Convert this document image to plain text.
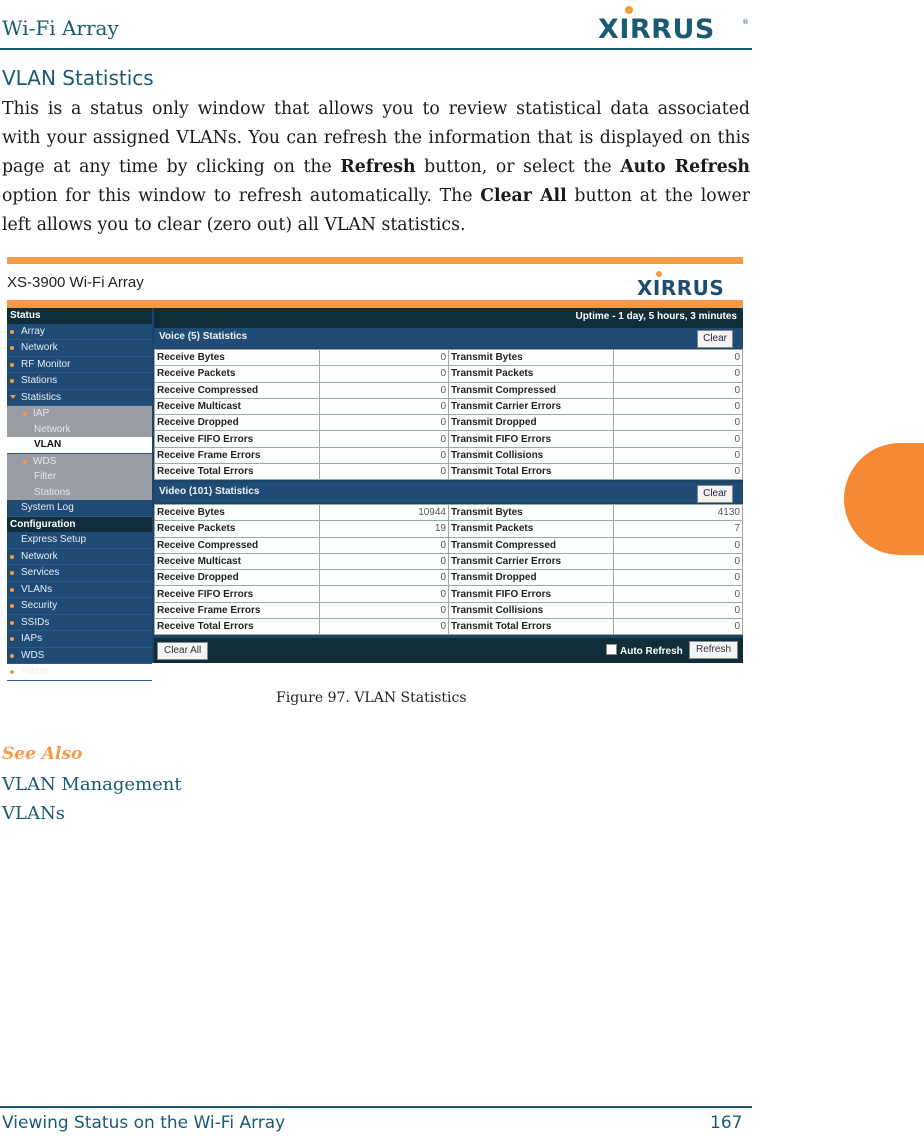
Wi-Fi Array	XIRRUS	®
VLAN Statistics
This is a status only window that allows you to review statistical data associated with your assigned VLANs. You can refresh the information that is displayed on this page at any time by clicking on the Refresh button, or select the Auto Refresh option for this window to refresh automatically. The Clear All button at the lower left allows you to clear (zero out) all VLAN statistics.
XS-3900 Wi-Fi Array	XIRRUS
Status
Array
Network
RF Monitor
Stations
Statistics
IAP
Network
VLAN
WDS
Filter
Stations
System Log
Configuration
Express Setup
Network
Services
VLANs
Security
SSIDs
IAPs
WDS
Filters
Uptime - 1 day, 5 hours, 3 minutes
Clear All	Auto Refresh	Refresh
Voice (5) Statistics	Clear
Receive Bytes	0	Transmit Bytes	0
Receive Packets	0	Transmit Packets	0
Receive Compressed	0	Transmit Compressed	0
Receive Multicast	0	Transmit Carrier Errors	0
Receive Dropped	0	Transmit Dropped	0
Receive FIFO Errors	0	Transmit FIFO Errors	0
Receive Frame Errors	0	Transmit Collisions	0
Receive Total Errors	0	Transmit Total Errors	0
Video (101) Statistics	Clear
Receive Bytes	10944	Transmit Bytes	4130
Receive Packets	19	Transmit Packets	7
Receive Compressed	0	Transmit Compressed	0
Receive Multicast	0	Transmit Carrier Errors	0
Receive Dropped	0	Transmit Dropped	0
Receive FIFO Errors	0	Transmit FIFO Errors	0
Receive Frame Errors	0	Transmit Collisions	0
Receive Total Errors	0	Transmit Total Errors	0
Figure 97. VLAN Statistics
See Also
VLAN Management
VLANs
Viewing Status on the Wi-Fi Array	167
